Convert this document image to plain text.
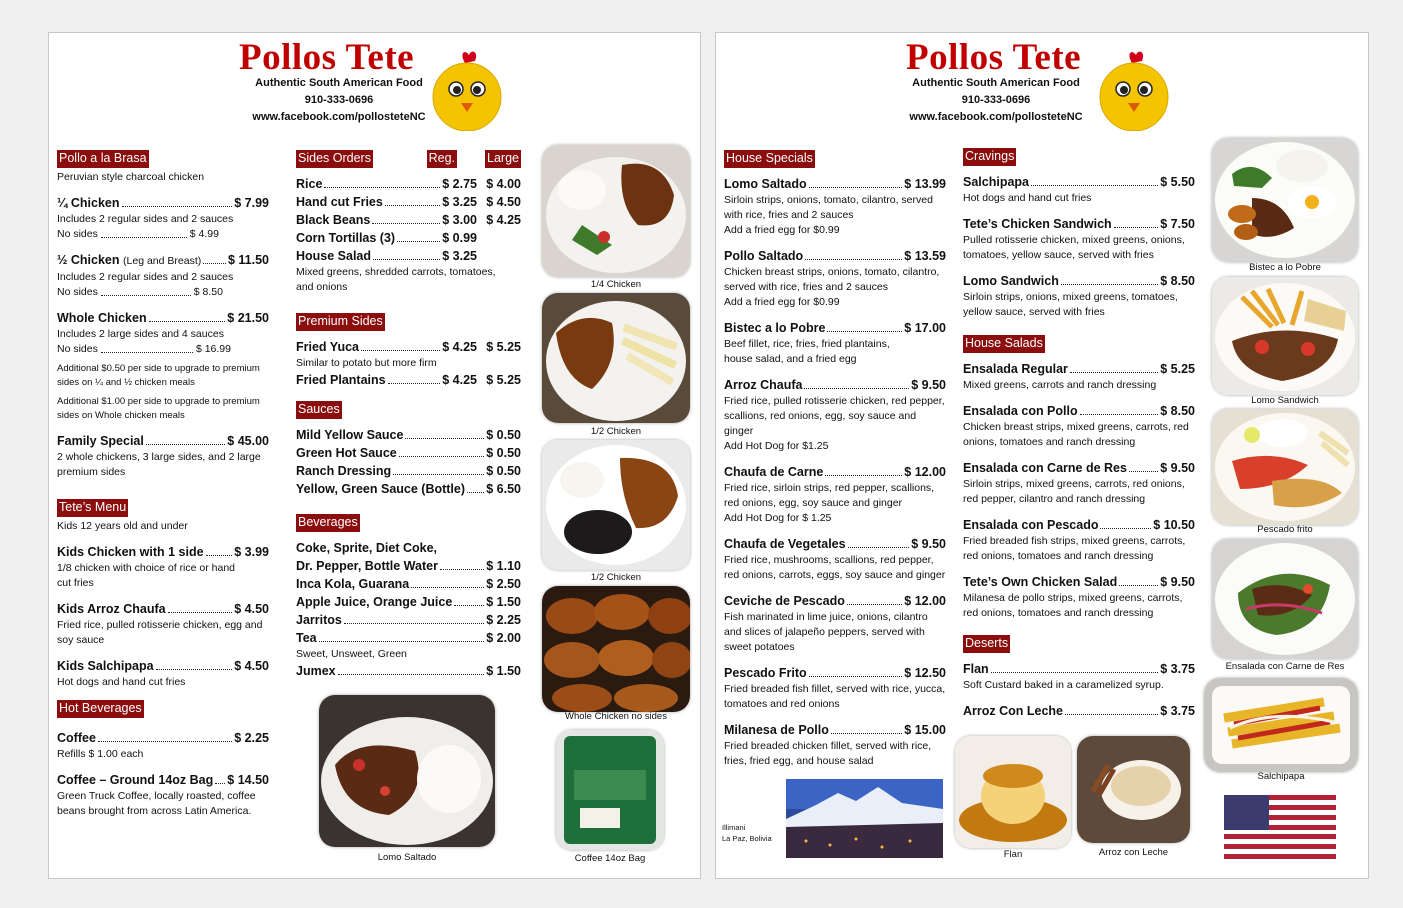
Pollos Tete
Authentic South American Food
910-333-0696
www.facebook.com/pollosteteNC
Pollo a la Brasa
Peruvian style charcoal chicken
¼ Chicken	$ 7.99
Includes 2 regular sides and 2 sauces
No sides	$ 4.99
½ Chicken (Leg and Breast) $ 11.50
Includes 2 regular sides and 2 sauces
No sides	$ 8.50
Whole Chicken	$ 21.50
Includes 2 large sides and 4 sauces
No sides	$ 16.99
Additional $0.50 per side to upgrade to premium sides on ¼ and ½ chicken meals
Additional $1.00 per side to upgrade to premium sides on Whole chicken meals
Family Special	$ 45.00
2 whole chickens, 3 large sides, and 2 large premium sides
Tete’s Menu
Kids 12 years old and under
Kids Chicken with 1 side $ 3.99
1/8 chicken with choice of rice or hand cut fries
Kids Arroz Chaufa	$ 4.50
Fried rice, pulled rotisserie chicken, egg and soy sauce
Kids Salchipapa	$ 4.50
Hot dogs and hand cut fries
Hot Beverages
Coffee	$ 2.25
Refills $ 1.00 each
Coffee – Ground 14oz Bag $ 14.50
Green Truck Coffee, locally roasted, coffee beans brought from across Latin America.
Sides Orders	Reg.	Large
Rice	$ 2.75 $ 4.00
Hand cut Fries	$ 3.25 $ 4.50
Black Beans	$ 3.00 $ 4.25
Corn Tortillas (3)	$ 0.99
House Salad	$ 3.25
Mixed greens, shredded carrots, tomatoes, and onions
Premium Sides
Fried Yuca	$ 4.25 $ 5.25
Similar to potato but more firm
Fried Plantains	$ 4.25 $ 5.25
Sauces
Mild Yellow Sauce	$ 0.50
Green Hot Sauce	$ 0.50
Ranch Dressing	$ 0.50
Yellow, Green Sauce (Bottle) $ 6.50
Beverages
Coke, Sprite, Diet Coke,
Dr. Pepper, Bottle Water	$ 1.10
Inca Kola, Guarana	$ 2.50
Apple Juice, Orange Juice	$ 1.50
Jarritos	$ 2.25
Tea	$ 2.00
Sweet, Unsweet, Green
Jumex	$ 1.50
1/4 Chicken
1/2 Chicken
1/2 Chicken
Whole Chicken no sides
Lomo Saltado	Coffee 14oz Bag
Pollos Tete
Authentic South American Food
910-333-0696
www.facebook.com/pollosteteNC
House Specials
Lomo Saltado	$ 13.99
Sirloin strips, onions, tomato, cilantro, served with rice, fries and 2 sauces
Add a fried egg for $0.99
Pollo Saltado	$ 13.59
Chicken breast strips, onions, tomato, cilantro, served with rice, fries and 2 sauces
Add a fried egg for $0.99
Bistec a lo Pobre	$ 17.00
Beef fillet, rice, fries, fried plantains, house salad, and a fried egg
Arroz Chaufa	$ 9.50
Fried rice, pulled rotisserie chicken, red pepper, scallions, red onions, egg, soy sauce and ginger
Add Hot Dog for $1.25
Chaufa de Carne	$ 12.00
Fried rice, sirloin strips, red pepper, scallions, red onions, egg, soy sauce and ginger
Add Hot Dog for $ 1.25
Chaufa de Vegetales	$ 9.50
Fried rice, mushrooms, scallions, red pepper, red onions, carrots, eggs, soy sauce and ginger
Ceviche de Pescado	$ 12.00
Fish marinated in lime juice, onions, cilantro and slices of jalapeño peppers, served with sweet potatoes
Pescado Frito	$ 12.50
Fried breaded fish fillet, served with rice, yucca, tomatoes and red onions
Milanesa de Pollo	$ 15.00
Fried breaded chicken fillet, served with rice, fries, fried egg, and house salad
Cravings
Salchipapa	$ 5.50
Hot dogs and hand cut fries
Tete’s Chicken Sandwich	$ 7.50
Pulled rotisserie chicken, mixed greens, onions, tomatoes, yellow sauce, served with fries
Lomo Sandwich	$ 8.50
Sirloin strips, onions, mixed greens, tomatoes, yellow sauce, served with fries
House Salads
Ensalada Regular	$ 5.25
Mixed greens, carrots and ranch dressing
Ensalada con Pollo	$ 8.50
Chicken breast strips, mixed greens, carrots, red onions, tomatoes and ranch dressing
Ensalada con Carne de Res	$ 9.50
Sirloin strips, mixed greens, carrots, red onions, red pepper, cilantro and ranch dressing
Ensalada con Pescado	$ 10.50
Fried breaded fish strips, mixed greens, carrots, red onions, tomatoes and ranch dressing
Tete’s Own Chicken Salad	$ 9.50
Milanesa de pollo strips, mixed greens, carrots, red onions, tomatoes and ranch dressing
Deserts
Flan	$ 3.75
Soft Custard baked in a caramelized syrup.
Arroz Con Leche	$ 3.75
Illimani
La Paz, Bolivia
Flan	Arroz con Leche
Bistec a lo Pobre
Lomo Sandwich
Pescado frito
Ensalada con Carne de Res
Salchipapa
